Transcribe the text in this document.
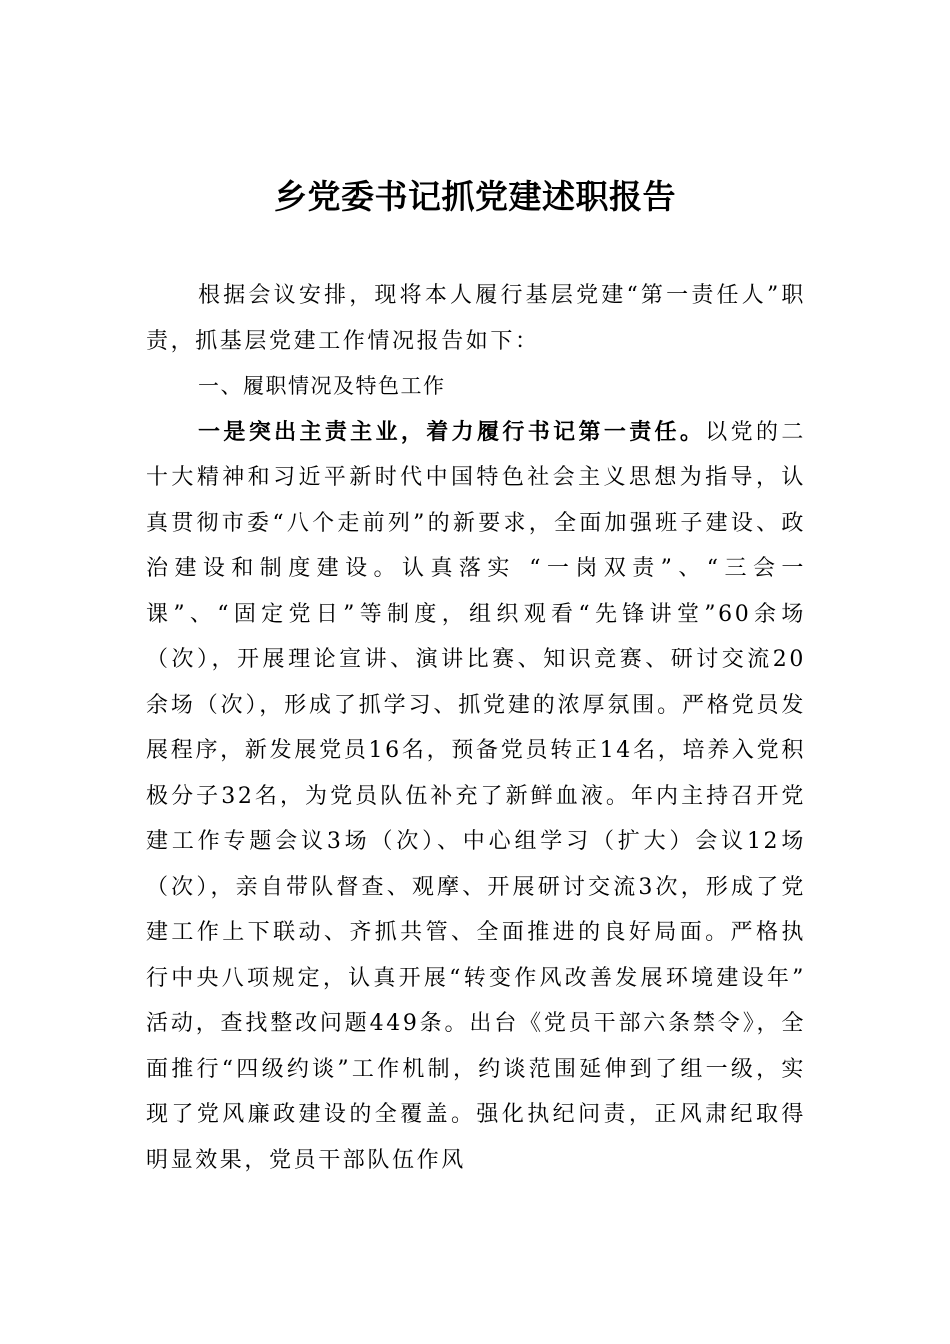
乡党委书记抓党建述职报告

根据会议安排，现将本人履行基层党建“第一责任人”职责，抓基层党建工作情况报告如下：

一、履职情况及特色工作

一是突出主责主业，着力履行书记第一责任。以党的二十大精神和习近平新时代中国特色社会主义思想为指导，认真贯彻市委“八个走前列”的新要求，全面加强班子建设、政治建设和制度建设。认真落实 “一岗双责”、“三会一课”、“固定党日”等制度，组织观看“先锋讲堂”60余场（次），开展理论宣讲、演讲比赛、知识竞赛、研讨交流20余场（次），形成了抓学习、抓党建的浓厚氛围。严格党员发展程序，新发展党员16名，预备党员转正14名，培养入党积极分子32名，为党员队伍补充了新鲜血液。年内主持召开党建工作专题会议3场（次）、中心组学习（扩大）会议12场（次），亲自带队督查、观摩、开展研讨交流3次，形成了党建工作上下联动、齐抓共管、全面推进的良好局面。严格执行中央八项规定，认真开展“转变作风改善发展环境建设年” 活动，查找整改问题449条。出台《党员干部六条禁令》，全面推行“四级约谈”工作机制，约谈范围延伸到了组一级，实现了党风廉政建设的全覆盖。强化执纪问责，正风肃纪取得明显效果，党员干部队伍作风
